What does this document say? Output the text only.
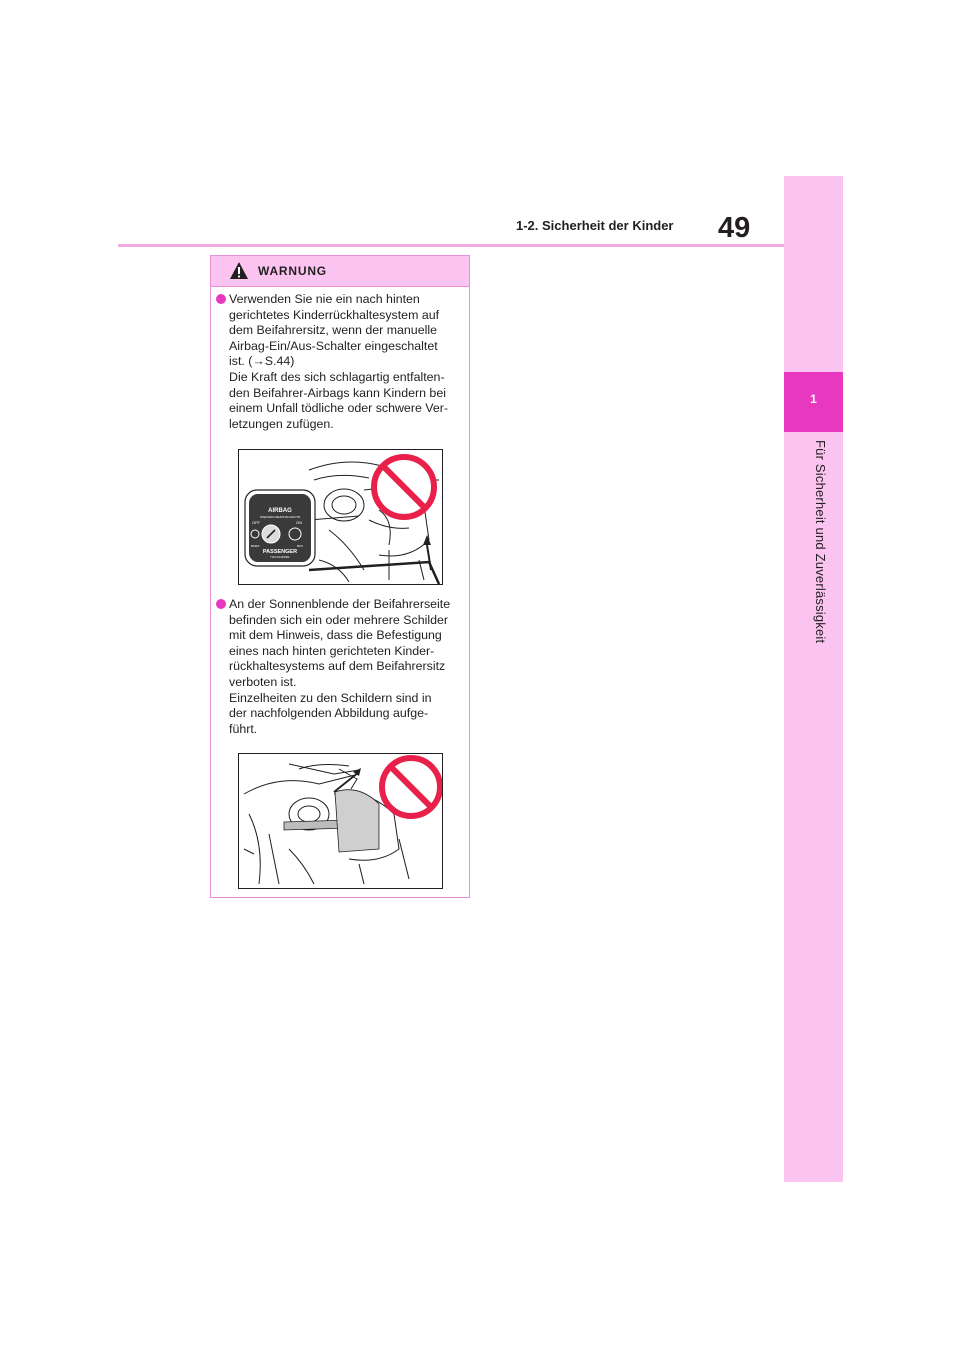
1-2. Sicherheit der Kinder 49
1
Für Sicherheit und Zuverlässigkeit
WARNUNG
Verwenden Sie nie ein nach hinten
gerichtetes Kinderrückhaltesystem auf
dem Beifahrersitz, wenn der manuelle
Airbag-Ein/Aus-Schalter eingeschaltet
ist. (→S.44)
Die Kraft des sich schlagartig entfalten-
den Beifahrer-Airbags kann Kindern bei
einem Unfall tödliche oder schwere Ver-
letzungen zufügen.
AIRBAG
ПОДУШКА БЕЗОПАСНОСТИ
OFF	ON
ВЫКЛ	ВКЛ
PASSENGER
ПАССАЖИРА
An der Sonnenblende der Beifahrerseite
befinden sich ein oder mehrere Schilder
mit dem Hinweis, dass die Befestigung
eines nach hinten gerichteten Kinder-
rückhaltesystems auf dem Beifahrersitz
verboten ist.
Einzelheiten zu den Schildern sind in
der nachfolgenden Abbildung aufge-
führt.
